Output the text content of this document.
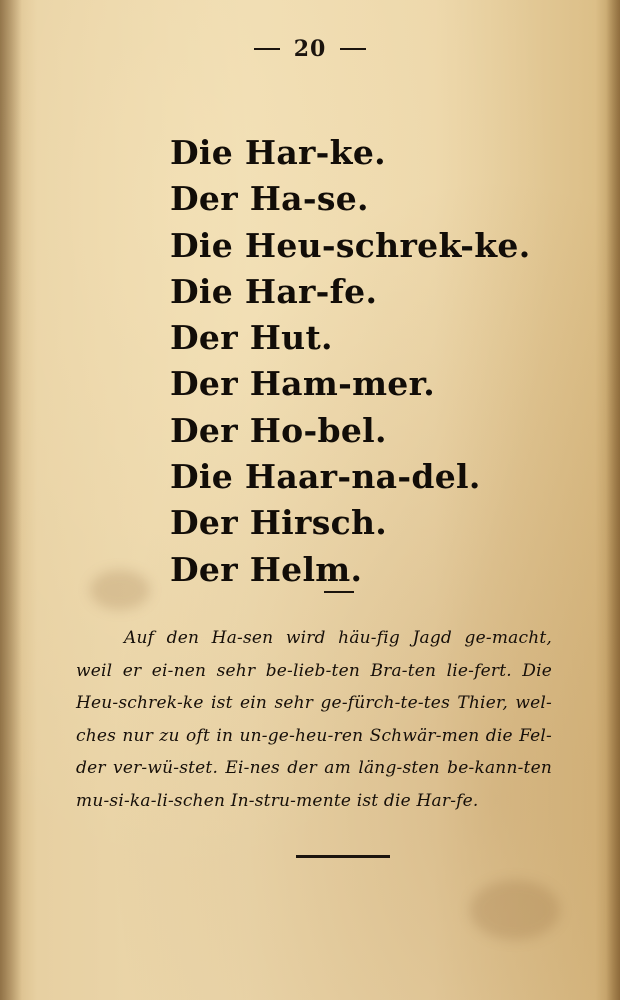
20
Die Har-ke.
Der Ha-se.
Die Heu-schrek-ke.
Die Har-fe.
Der Hut.
Der Ham-mer.
Der Ho-bel.
Die Haar-na-del.
Der Hirsch.
Der Helm.

Auf den Ha-sen wird häu-fig Jagd ge-macht, weil er ei-nen sehr be-lieb-ten Bra-ten lie-fert. Die Heu-schrek-ke ist ein sehr ge-fürch-te-tes Thier, wel-ches nur zu oft in un-ge-heu-ren Schwär-men die Fel-der ver-wü-stet. Ei-nes der am läng-sten be-kann-ten mu-si-ka-li-schen In-stru-mente ist die Har-fe.
